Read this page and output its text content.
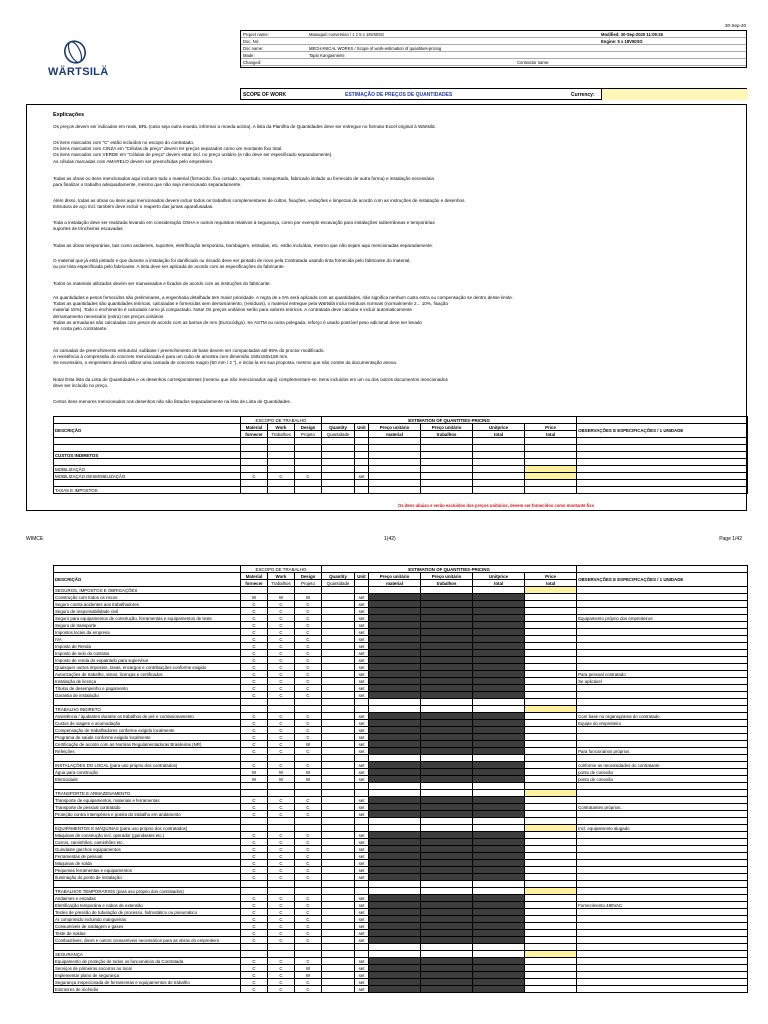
30-Sep-20
WÄRTSILÄ
Project name:	Manaquiri conversion / 1 1 5 x 18V50SG	Modified: 30-Sep-2020 11:09:26
Doc. No:	Engine: 5 x 18V50SG
Doc name:	MECHANICAL WORKS / Scope of work-estimation of quantities-pricing
Made:	Tapio Kangasniemi
Changed:	Contractor name:
SCOPE OF WORK	ESTIMAÇÃO DE PREÇOS DE QUANTIDADES	Currency:
Explicações
Os preços devem ser indicados em reais, BRL (caso seja outra moeda, informar a moeda acima). A lista da Planilha de Quantidades deve ser entregue no formato Excel original à Wärtsilä.
Os itens marcados com "C" estão incluídos no escopo do contratado.
Os itens marcados com CINZA em "Células de preço" devem ter preços separados como um montante fixo total.
Os itens marcados com VERDE em "Células de preço" devem estar incl. no preço unitário (e não deve ser especificado separadamente).
As células marcadas com AMARELO devem ser preenchidas pelo empreiteiro.
Todas as obras ou itens mencionados aqui incluem todo o material (fornecido, fixo cortado, suportado, transportado, fabricado isolado ou fornecido de outra forma) e instalação necessária
para finalizar o trabalho adequadamente, mesmo que não seja mencionado separadamente.
Além disso, todas as obras ou itens aqui mencionados devem incluir todos os trabalhos complementares de cultos, fixações, vedações e limpezas de acordo com as instruções de instalação e desenhos.
Estrutura de aço incl. também deve incluir o reaperto das juntas aparafusadas.
Toda a instalação deve ser realizada levando em consideração OSHA e outros requisitos relativos à segurança, como por exemplo escavação para instalações subterrâneas e temporárias
suportes de trincheiras escavadas
Todas as obras temporárias, tais como andaimes, suportes, eletrificação temporária, bombagem, estradas, etc. estão incluídas, mesmo que não sejam aqui mencionadas separadamente.
O material que já está pintado e que durante a instalação foi danificado ou riscado deve ser pintado de novo pela Contratada usando tinta fornecida pelo fabricante do material,
ou por tinta especificada pelo fabricante. A tinta deve ser aplicada de acordo com as especificações do fabricante.
Todos os materiais utilizados devem ser manuseados e fixados de acordo com as instruções do fabricante.
As quantidades e pesos fornecidos são preliminares, a engenharia detalhada tem maior prioridade. A regra de ± 5% será aplicada com as quantidades, não significa nenhum custo extra ou compensação se dentro desse limite.
Todas as quantidades são quantidades teóricas, calculadas e fornecidas sem derramamento, (resíduos), o material entregue pela Wärtsilä inclui resíduos normais (normalmente 2... 10%, fixação
material 15%). Todo o enchimento é calculado como já compactado. Nota! Os preços unitários serão para valores teóricos. A contratada deve calcular e incluir automaticamente
derramamento necessário (extra) nos preços unitários
Todas as armaduras são calculadas com pesos de acordo com as barras de mm (Eurocódigo). Se ASTM ou outra polegada. reforço é usado possível peso adicional deve ser levado
em conta pelo contratante.
As camadas de preenchimento estrutural, subbase / preenchimento de base devem ser compactadas até 95% do proctor modificado.
A resistência à compressão do concreto mencionada é para um cubo de amostra com dimensão 150x150x150 mm.
Se necessário, o empreiteiro deverá utilizar uma camada de concreto magro (50 mm / 2 "), e inclui-la em sua proposta, mesmo que não conste da documentação anexa.
Nota! Esta lista da Lista de Quantidades e os desenhos correspondentes (mesmo que não mencionados aqui) complementam-se. Itens incluídos em um ou dos outros documentos mencionados
deve ser incluído no preço.
Certos itens menores mencionados nos desenhos não são listados separadamente na lista de Lista de Quantidades.
	ESCOPO DE TRABALHO			ESTIMATION OF QUANTITIES-PRICING							
DESCRIÇÃO	Material	Work	Design	Quantity	Unit	Preço unitário	Preço unitário	Unitprice	Price	OBSERVAÇÕES E ESPECIFICAÇÕES / 1 UNIDADE	
	fornecer	Trabalhos	Projeto	Quantidade		material	trabalhos	total	total		

CUSTOS INDIRETOS											

MOBILIZAÇÃO											
MOBILIZAÇÃO DESMOBILIZAÇÃO	C	C	C		set						

TAXAS E IMPOSTOS											
Os itens abaixo e serão excluídos dos preços unitários, devem ser fornecidos como montante fixo
WIMCE	1(42)	Page 1/42
	ESCOPO DE TRABALHO			ESTIMATION OF QUANTITIES-PRICING							
DESCRIÇÃO	Material	Work	Design	Quantity	Unit	Preço unitário	Preço unitário	Unitprice	Price	OBSERVAÇÕES E ESPECIFICAÇÕES / 1 UNIDADE	
	fornecer	Trabalhos	Projeto	Quantidade		material	trabalhos	total	total		
SEGUROS, IMPOSTOS E OBRIGAÇÕES											
Construção com todos os riscos	W	W	W		set						
Seguro contra acidentes aos trabalhadores	C	C	C		set						
Seguro de responsabilidade civil	C	C	C		set						
Seguro para equipamentos de construção, ferramentas e equipamentos de teste	C	C	C		set					Equipamento próprio dos empreiteiros	
Seguro de transporte	C	C	C		set						
Impostos locais da empresa	C	C	C		set						
IVA	C	C	C		set						
Imposto de Renda	C	C	C		set						
Imposto de selo do contrato	C	C	C		set						
Imposto de renda do expatriado para supervisor	C	C	C		set						
Quaisquer outros impostos, taxas, encargos e contribuições conforme exigido	C	C	C		set						
Autorizações de trabalho, vistos, licenças e certificados	C	C	C		set					Para pessoal contratado	
Instalação de licença	C	C	C		set					Se aplicável	
Títulos de desempenho e pagamento	C	C	C		set						
Garantia de instalação	C	C	C		set						

TRABALHO INDIRETO											
Assistência / ajudantes durante os trabalhos de pré e comissionamento	C	C	C		set					Com base no organograma do contratado	
Custos de viagem e acomodação	C	C	C		set					Equipe do empreiteiro	
Compensação de trabalhadores conforme exigido localmente	C	C	C		set						
Programa de saúde conforme exigido localmente	C	C	C		set						
Certificação de acordo com as Normas Regulamentadoras Brasileiras (NR)	C	C	W		set						
Refeições	C	C	C		set					Para funcionários próprios	

INSTALAÇÕES DO LOCAL (para uso próprio dos contratados)	C	C	C		set					conforme as necessidades do contratante	
Água para construção	W	W	W		set					ponto de conexão	
Eletricidade	W	W	W		set					ponto de conexão	

TRANSPORTE E ARMAZENAMENTO											
Transporte de equipamentos, materiais e ferramentas	C	C	C		set						
Transporte de pessoal contratado	C	C	C		set					Contratantes próprios.	
Proteção contra intempéries e poeira do trabalho em andamento	C	C	C		set						

EQUIPAMENTOS E MÁQUINAS (para uso próprio dos contratados)										Incl. equipamento alugado	
Máquinas de construção incl. operador (guindastes etc.)	C	C	C		set						
Carros, caminhões, caminhões etc.	C	C	C		set						
Guindaste garchos equipamentos	C	C	C		set						
Ferramentas de pessoal	C	C	C		set						
Máquinas de solda	C	C	C		set						
Pequenas ferramentas e equipamentos	C	C	C		set						
Iluminação do ponto de instalação	C	C	C		set						

TRABALHOS TEMPORÁRIOS (para uso próprio dos contratados)											
Andaimes e escadas	C	C	C		set						
Eletrificação temporária e cabos de extensão	C	C	C		set					Fornecimento 480VAC	
Testes de pressão de tubulação de processo, hidrostático ou pneumático	C	C	C		set						
Ar comprimido incluindo mangueiras	C	C	C		set						
Consumíveis de soldagem e gases	C	C	C		set						
Teste de soldas	C	C	C		set						
Combustíveis, óleos e outros consumíveis necessários para as obras do empreiteiro	C	C	C		set						

SEGURANÇA											
Equipamento de proteção de todos os funcionários da Contratada	C	C	C		set						
Serviços de primeiros socorros no local	C	C	W		set						
Implementar plano de segurança	C	C	W		set						
Segurança inspecionada de ferramentas e equipamentos de trabalho	C	C	C		set						
Extintores de incêndio	C	C	C		set						
